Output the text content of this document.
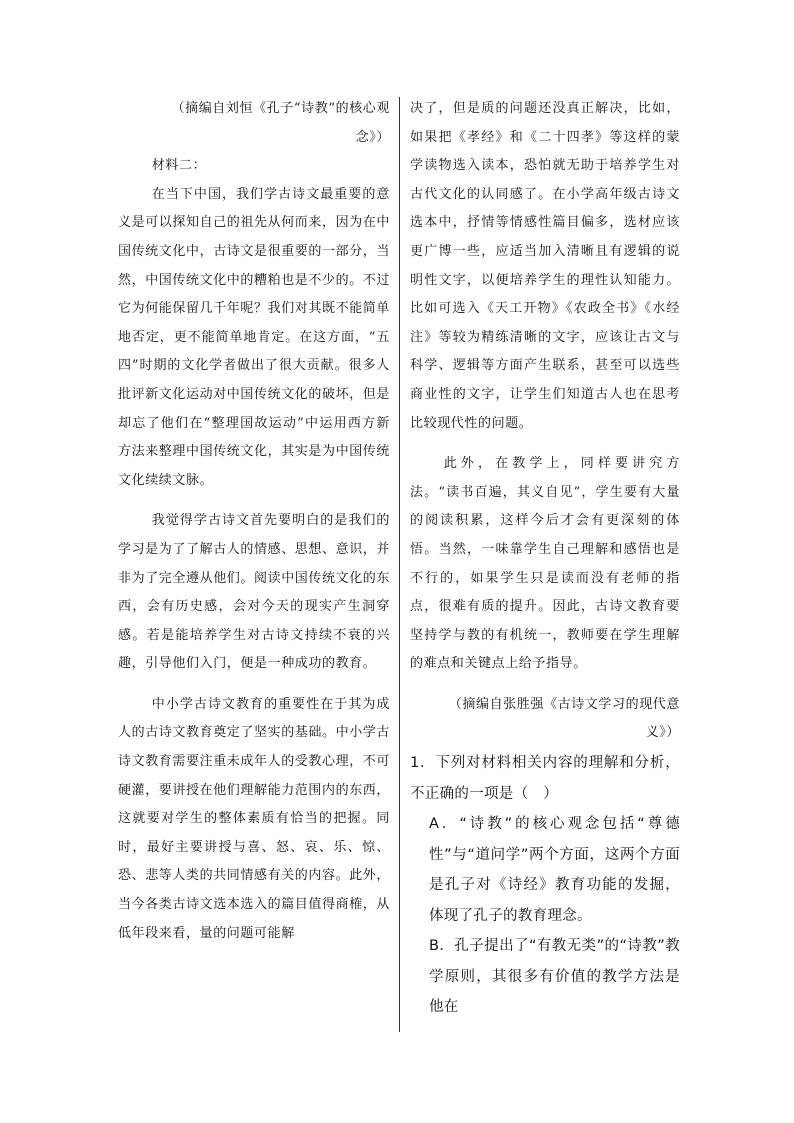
（摘编自刘恒《孔子“诗教”的核心观念》）

材料二：

在当下中国，我们学古诗文最重要的意义是可以探知自己的祖先从何而来，因为在中国传统文化中，古诗文是很重要的一部分，当然，中国传统文化中的糟粕也是不少的。不过它为何能保留几千年呢？我们对其既不能简单地否定，更不能简单地肯定。在这方面，“五四”时期的文化学者做出了很大贡献。很多人批评新文化运动对中国传统文化的破坏，但是却忘了他们在“整理国故运动”中运用西方新方法来整理中国传统文化，其实是为中国传统文化续续文脉。

我觉得学古诗文首先要明白的是我们的学习是为了了解古人的情感、思想、意识，并非为了完全遵从他们。阅读中国传统文化的东西，会有历史感，会对今天的现实产生洞穿感。若是能培养学生对古诗文持续不衰的兴趣，引导他们入门，便是一种成功的教育。

中小学古诗文教育的重要性在于其为成人的古诗文教育奠定了坚实的基础。中小学古诗文教育需要注重未成年人的受教心理，不可硬灌，要讲授在他们理解能力范围内的东西，这就要对学生的整体素质有恰当的把握。同时，最好主要讲授与喜、怒、哀、乐、惊、恐、悲等人类的共同情感有关的内容。此外，当今各类古诗文选本选入的篇目值得商榷，从低年段来看，量的问题可能解

决了，但是质的问题还没真正解决，比如，如果把《孝经》和《二十四孝》等这样的蒙学读物选入读本，恐怕就无助于培养学生对古代文化的认同感了。在小学高年级古诗文选本中，抒情等情感性篇目偏多，选材应该更广博一些，应适当加入清晰且有逻辑的说明性文字，以便培养学生的理性认知能力。比如可选入《天工开物》《农政全书》《水经注》等较为精练清晰的文字，应该让古文与科学、逻辑等方面产生联系，甚至可以选些商业性的文字，让学生们知道古人也在思考比较现代性的问题。

此外，在教学上，同样要讲究方法。“读书百遍，其义自见”，学生要有大量的阅读积累，这样今后才会有更深刻的体悟。当然，一味靠学生自己理解和感悟也是不行的，如果学生只是读而没有老师的指点，很难有质的提升。因此，古诗文教育要坚持学与教的有机统一，教师要在学生理解的难点和关键点上给予指导。

（摘编自张胜强《古诗文学习的现代意义》）

1．下列对材料相关内容的理解和分析，不正确的一项是（　）

A．“诗教”的核心观念包括“尊德性”与“道问学”两个方面，这两个方面是孔子对《诗经》教育功能的发掘，体现了孔子的教育理念。

B．孔子提出了“有教无类”的“诗教”教学原则，其很多有价值的教学方法是他在
